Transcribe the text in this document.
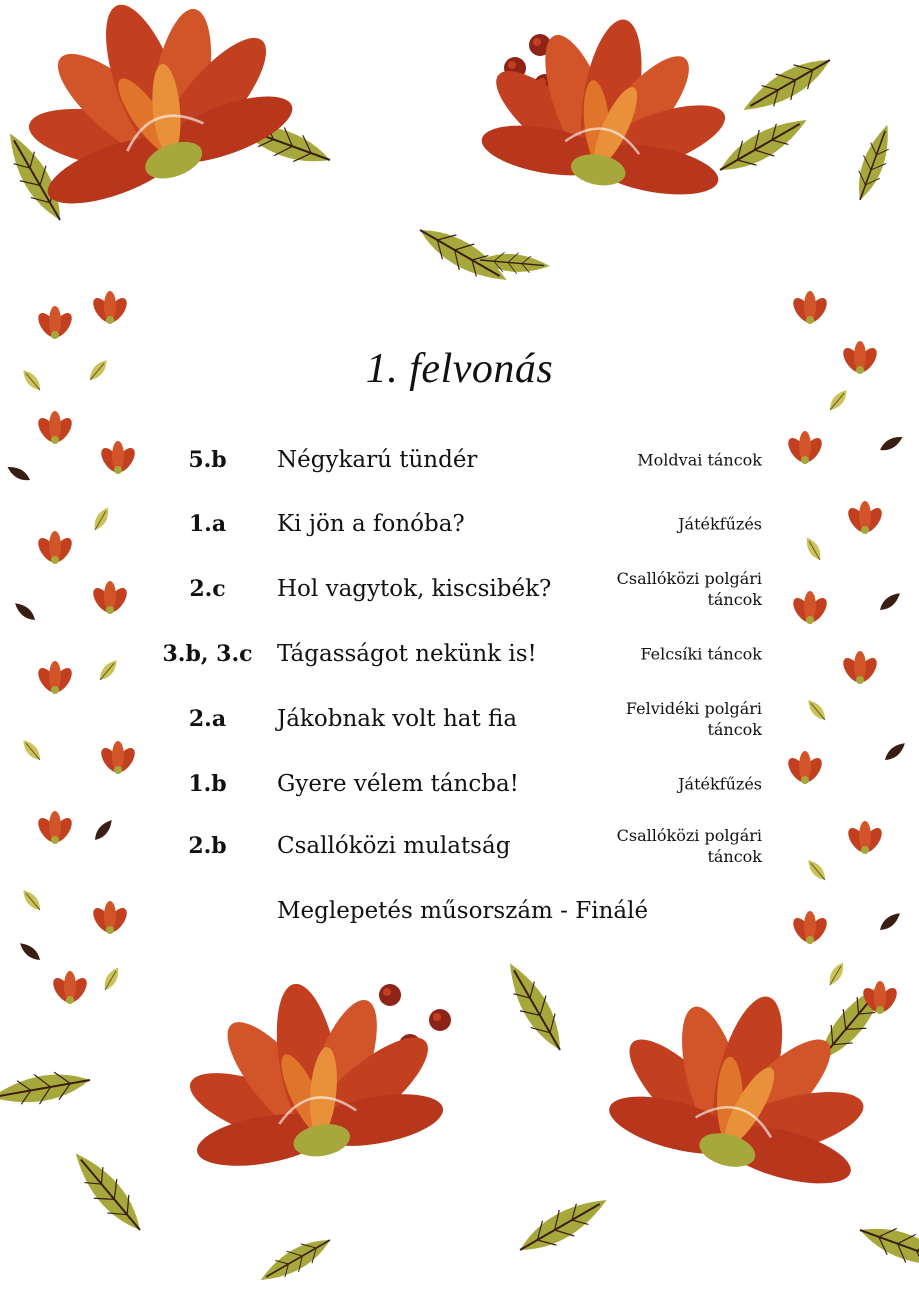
1. felvonás
5.b	Négykarú tündér	Moldvai táncok
1.a	Ki jön a fonóba?	Játékfűzés
2.c	Hol vagytok, kiscsibék?	Csallóközi polgári táncok
3.b, 3.c	Tágasságot nekünk is!	Felcsíki táncok
2.a	Jákobnak volt hat fia	Felvidéki polgári táncok
1.b	Gyere vélem táncba!	Játékfűzés
2.b	Csallóközi mulatság	Csallóközi polgári táncok
Meglepetés műsorszám - Finálé
